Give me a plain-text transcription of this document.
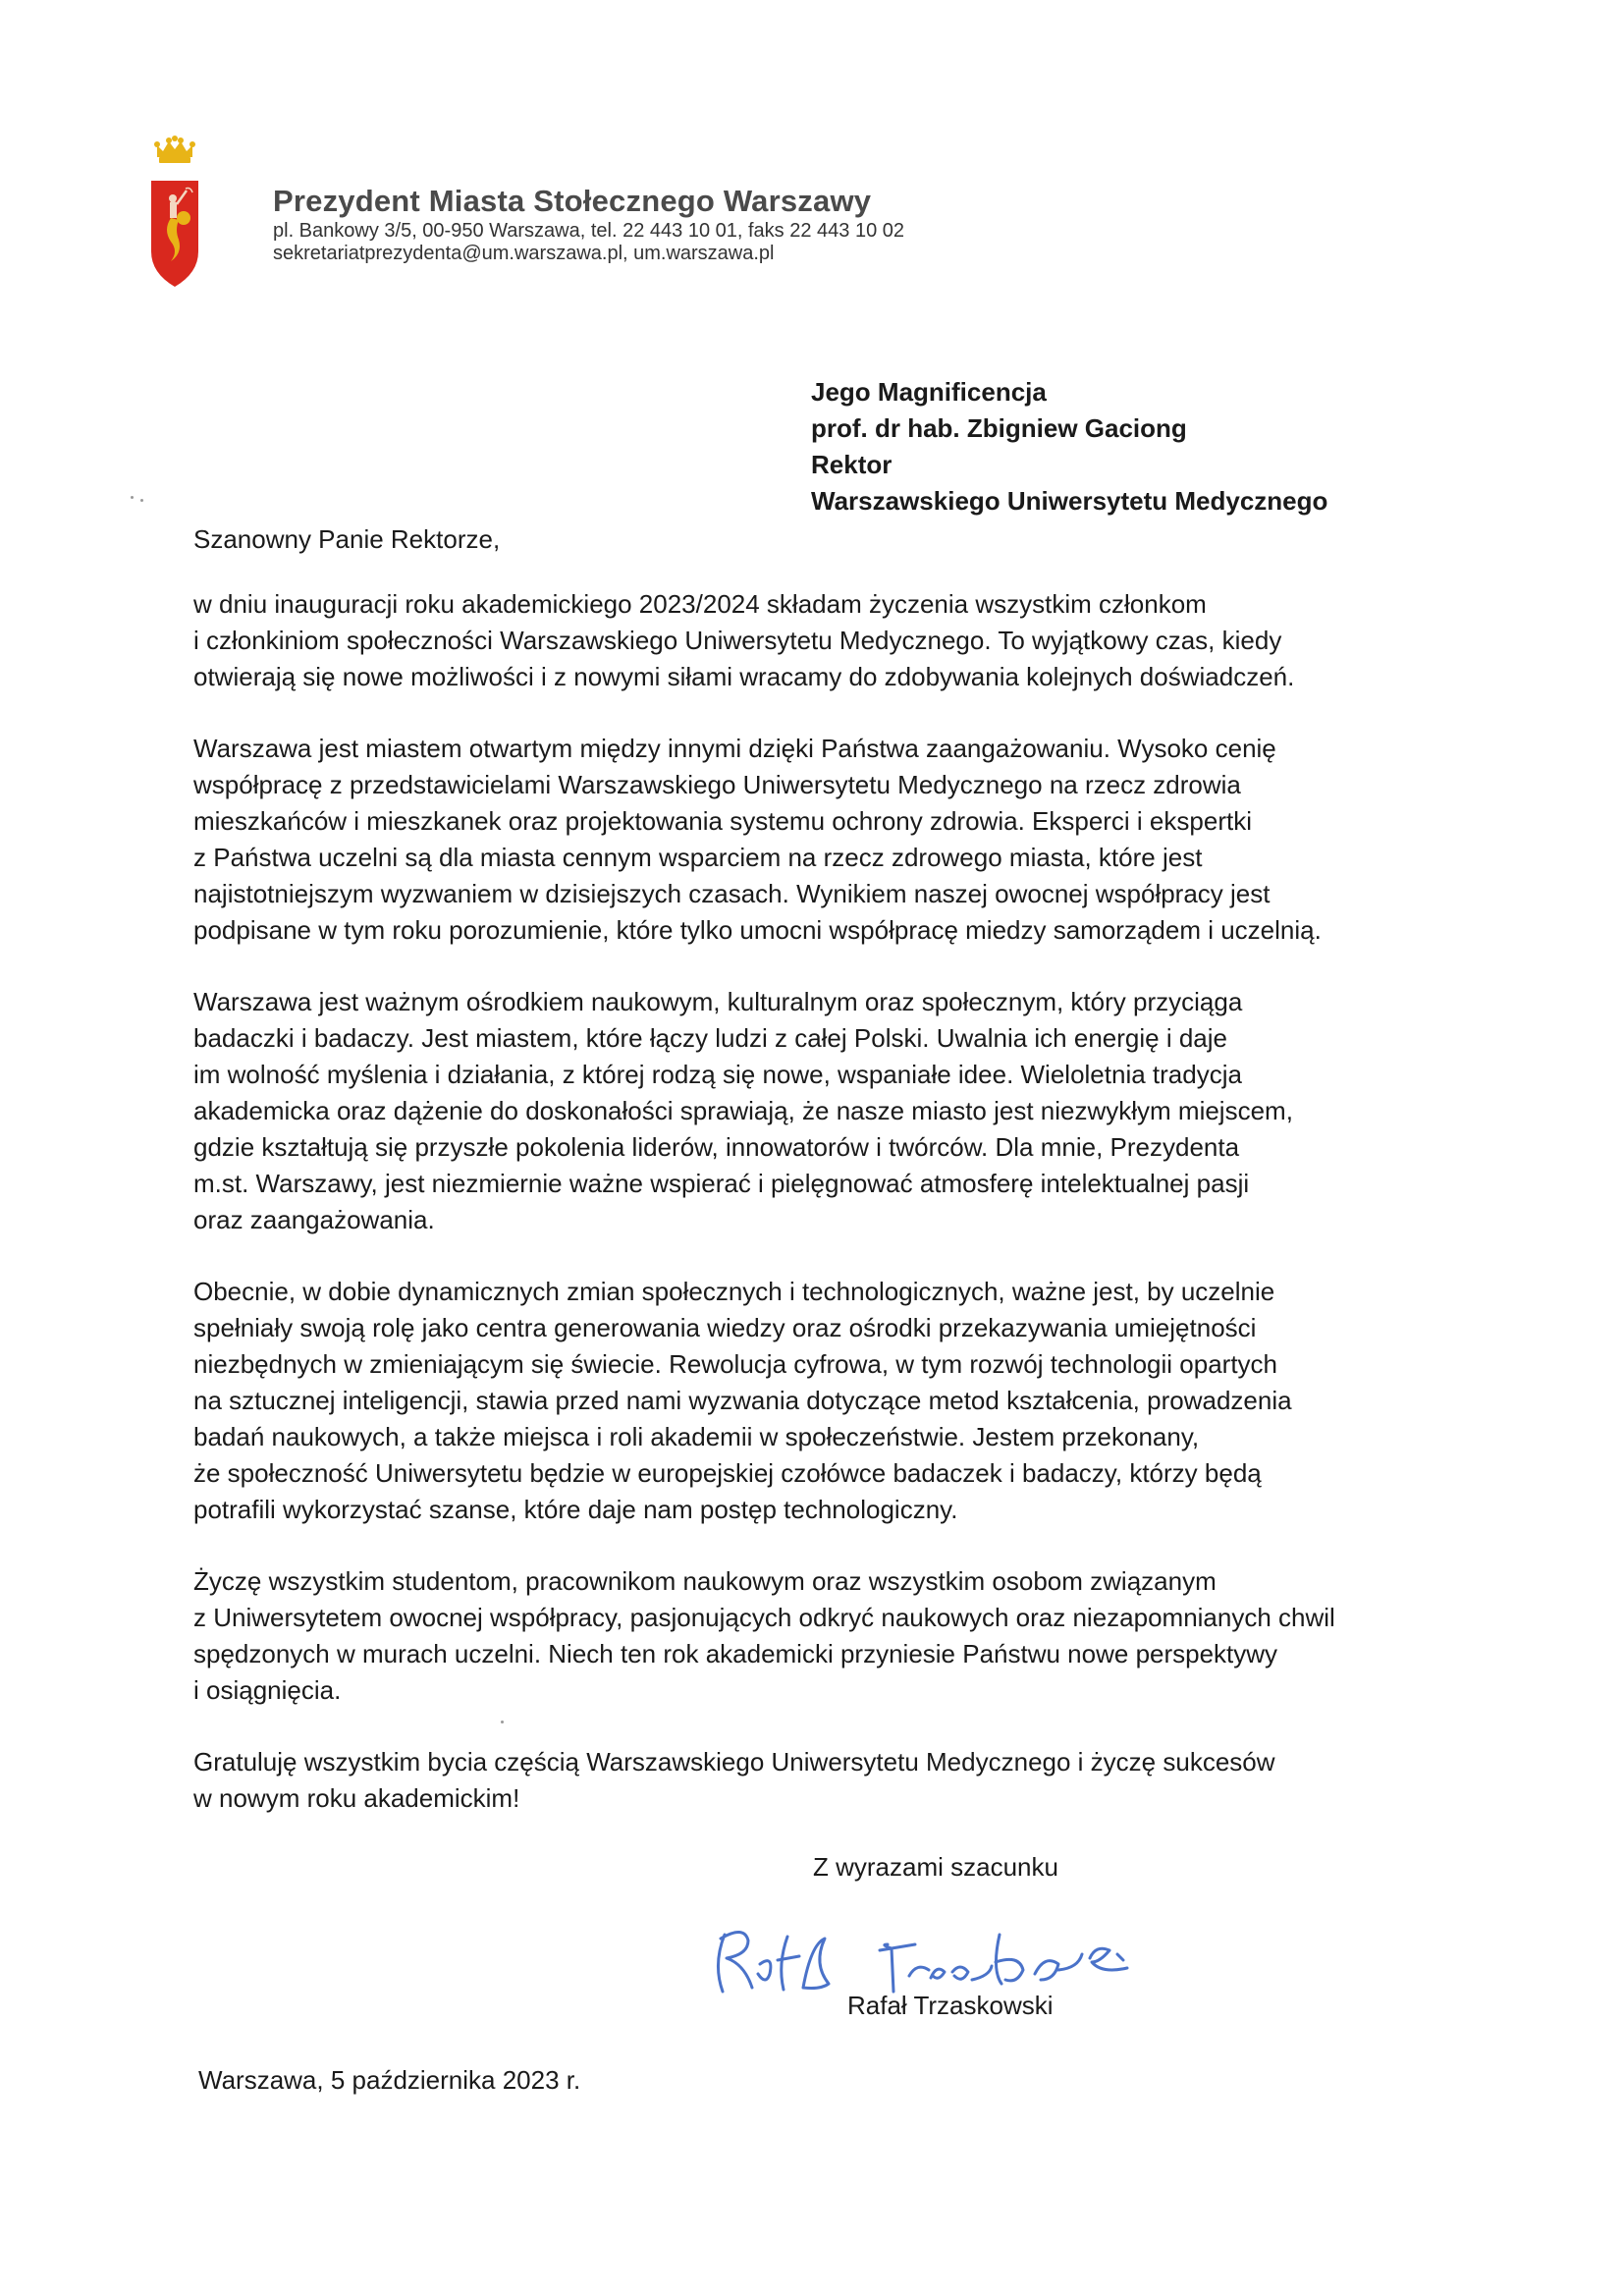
Prezydent Miasta Stołecznego Warszawy
pl. Bankowy 3/5, 00-950 Warszawa, tel. 22 443 10 01, faks 22 443 10 02
sekretariatprezydenta@um.warszawa.pl, um.warszawa.pl
Jego Magnificencja
prof. dr hab. Zbigniew Gaciong
Rektor
Warszawskiego Uniwersytetu Medycznego
Szanowny Panie Rektorze,
w dniu inauguracji roku akademickiego 2023/2024 składam życzenia wszystkim członkom
i członkiniom społeczności Warszawskiego Uniwersytetu Medycznego. To wyjątkowy czas, kiedy
otwierają się nowe możliwości i z nowymi siłami wracamy do zdobywania kolejnych doświadczeń.
Warszawa jest miastem otwartym między innymi dzięki Państwa zaangażowaniu. Wysoko cenię
współpracę z przedstawicielami Warszawskiego Uniwersytetu Medycznego na rzecz zdrowia
mieszkańców i mieszkanek oraz projektowania systemu ochrony zdrowia. Eksperci i ekspertki
z Państwa uczelni są dla miasta cennym wsparciem na rzecz zdrowego miasta, które jest
najistotniejszym wyzwaniem w dzisiejszych czasach. Wynikiem naszej owocnej współpracy jest
podpisane w tym roku porozumienie, które tylko umocni współpracę miedzy samorządem i uczelnią.
Warszawa jest ważnym ośrodkiem naukowym, kulturalnym oraz społecznym, który przyciąga
badaczki i badaczy. Jest miastem, które łączy ludzi z całej Polski. Uwalnia ich energię i daje
im wolność myślenia i działania, z której rodzą się nowe, wspaniałe idee. Wieloletnia tradycja
akademicka oraz dążenie do doskonałości sprawiają, że nasze miasto jest niezwykłym miejscem,
gdzie kształtują się przyszłe pokolenia liderów, innowatorów i twórców. Dla mnie, Prezydenta
m.st. Warszawy, jest niezmiernie ważne wspierać i pielęgnować atmosferę intelektualnej pasji
oraz zaangażowania.
Obecnie, w dobie dynamicznych zmian społecznych i technologicznych, ważne jest, by uczelnie
spełniały swoją rolę jako centra generowania wiedzy oraz ośrodki przekazywania umiejętności
niezbędnych w zmieniającym się świecie. Rewolucja cyfrowa, w tym rozwój technologii opartych
na sztucznej inteligencji, stawia przed nami wyzwania dotyczące metod kształcenia, prowadzenia
badań naukowych, a także miejsca i roli akademii w społeczeństwie. Jestem przekonany,
że społeczność Uniwersytetu będzie w europejskiej czołówce badaczek i badaczy, którzy będą
potrafili wykorzystać szanse, które daje nam postęp technologiczny.
Życzę wszystkim studentom, pracownikom naukowym oraz wszystkim osobom związanym
z Uniwersytetem owocnej współpracy, pasjonujących odkryć naukowych oraz niezapomnianych chwil
spędzonych w murach uczelni. Niech ten rok akademicki przyniesie Państwu nowe perspektywy
i osiągnięcia.
Gratuluję wszystkim bycia częścią Warszawskiego Uniwersytetu Medycznego i życzę sukcesów
w nowym roku akademickim!
Z wyrazami szacunku
Rafał Trzaskowski
Warszawa, 5 października 2023 r.
